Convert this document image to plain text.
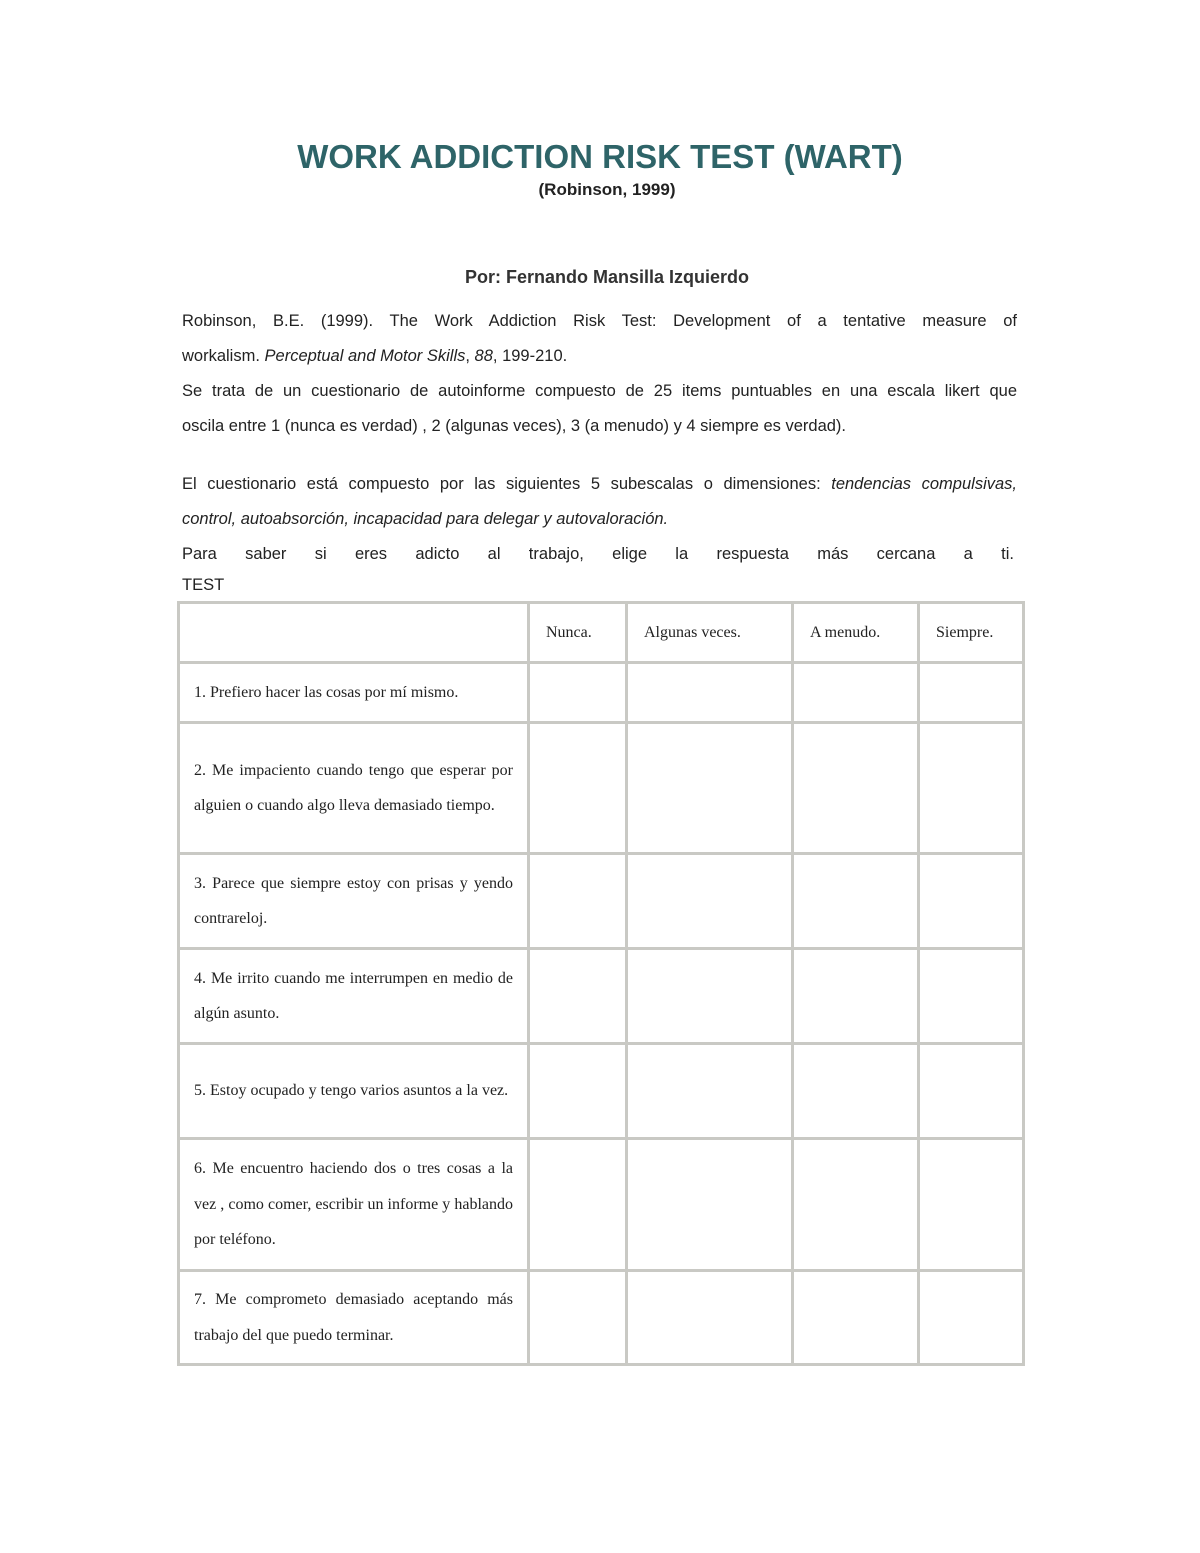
WORK ADDICTION RISK TEST (WART)
(Robinson, 1999)
Por: Fernando Mansilla Izquierdo
Robinson, B.E. (1999). The Work Addiction Risk Test: Development of a tentative measure of
workalism. Perceptual and Motor Skills, 88, 199-210.
Se trata de un cuestionario de autoinforme compuesto de 25 items puntuables en una escala likert que
oscila entre 1 (nunca es verdad) , 2 (algunas veces), 3 (a menudo) y 4 siempre es verdad).
El cuestionario está compuesto por las siguientes 5 subescalas o dimensiones: tendencias compulsivas,
control, autoabsorción, incapacidad para delegar y autovaloración.
Para saber si eres adicto al trabajo, elige la respuesta más cercana a ti.
TEST
	Nunca.	Algunas veces.	A menudo.	Siempre.
1. Prefiero hacer las cosas por mí mismo.				
2. Me impaciento cuando tengo que esperar por alguien o cuando algo lleva demasiado tiempo.				
3. Parece que siempre estoy con prisas y yendo contrareloj.				
4. Me irrito cuando me interrumpen en medio de algún asunto.				
5. Estoy ocupado y tengo varios asuntos a la vez.				
6. Me encuentro haciendo dos o tres cosas a la vez , como comer, escribir un informe y hablando por teléfono.				
7. Me comprometo demasiado aceptando más trabajo del que puedo terminar.				
